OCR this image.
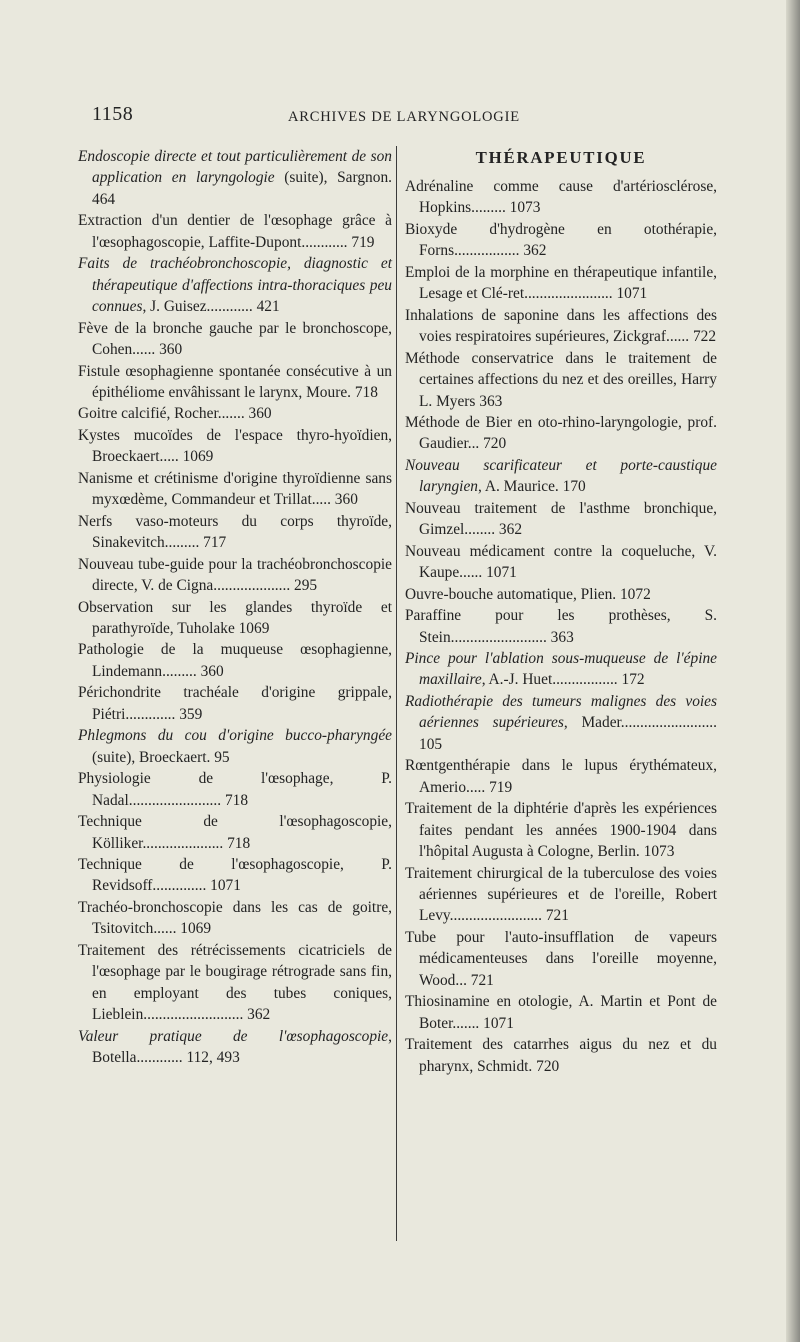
1158	ARCHIVES DE LARYNGOLOGIE

Endoscopie directe et tout particulièrement de son application en laryngologie (suite), Sargnon. 464

Extraction d'un dentier de l'œsophage grâce à l'œsophagoscopie, Laffite-Dupont............ 719

Faits de trachéobronchoscopie, diagnostic et thérapeutique d'affections intra-thoraciques peu connues, J. Guisez............ 421

Fève de la bronche gauche par le bronchoscope, Cohen...... 360

Fistule œsophagienne spontanée consécutive à un épithéliome envâhissant le larynx, Moure. 718

Goitre calcifié, Rocher....... 360

Kystes mucoïdes de l'espace thyro-hyoïdien, Broeckaert..... 1069

Nanisme et crétinisme d'origine thyroïdienne sans myxœdème, Commandeur et Trillat..... 360

Nerfs vaso-moteurs du corps thyroïde, Sinakevitch......... 717

Nouveau tube-guide pour la trachéobronchoscopie directe, V. de Cigna.................... 295

Observation sur les glandes thyroïde et parathyroïde, Tuholake 1069

Pathologie de la muqueuse œsophagienne, Lindemann......... 360

Périchondrite trachéale d'origine grippale, Piétri............. 359

Phlegmons du cou d'origine bucco-pharyngée (suite), Broeckaert. 95

Physiologie de l'œsophage, P. Nadal........................ 718

Technique de l'œsophagoscopie, Kölliker..................... 718

Technique de l'œsophagoscopie, P. Revidsoff.............. 1071

Trachéo-bronchoscopie dans les cas de goitre, Tsitovitch...... 1069

Traitement des rétrécissements cicatriciels de l'œsophage par le bougirage rétrograde sans fin, en employant des tubes coniques, Lieblein.......................... 362

Valeur pratique de l'œsophagoscopie, Botella............ 112, 493

THÉRAPEUTIQUE

Adrénaline comme cause d'artériosclérose, Hopkins......... 1073

Bioxyde d'hydrogène en otothérapie, Forns................. 362

Emploi de la morphine en thérapeutique infantile, Lesage et Clé-ret....................... 1071

Inhalations de saponine dans les affections des voies respiratoires supérieures, Zickgraf...... 722

Méthode conservatrice dans le traitement de certaines affections du nez et des oreilles, Harry L. Myers 363

Méthode de Bier en oto-rhino-laryngologie, prof. Gaudier... 720

Nouveau scarificateur et porte-caustique laryngien, A. Maurice. 170

Nouveau traitement de l'asthme bronchique, Gimzel........ 362

Nouveau médicament contre la coqueluche, V. Kaupe...... 1071

Ouvre-bouche automatique, Plien. 1072

Paraffine pour les prothèses, S. Stein......................... 363

Pince pour l'ablation sous-muqueuse de l'épine maxillaire, A.-J. Huet................. 172

Radiothérapie des tumeurs malignes des voies aériennes supérieures, Mader......................... 105

Rœntgenthérapie dans le lupus érythémateux, Amerio..... 719

Traitement de la diphtérie d'après les expériences faites pendant les années 1900-1904 dans l'hôpital Augusta à Cologne, Berlin. 1073

Traitement chirurgical de la tuberculose des voies aériennes supérieures et de l'oreille, Robert Levy........................ 721

Tube pour l'auto-insufflation de vapeurs médicamenteuses dans l'oreille moyenne, Wood... 721

Thiosinamine en otologie, A. Martin et Pont de Boter....... 1071

Traitement des catarrhes aigus du nez et du pharynx, Schmidt. 720
